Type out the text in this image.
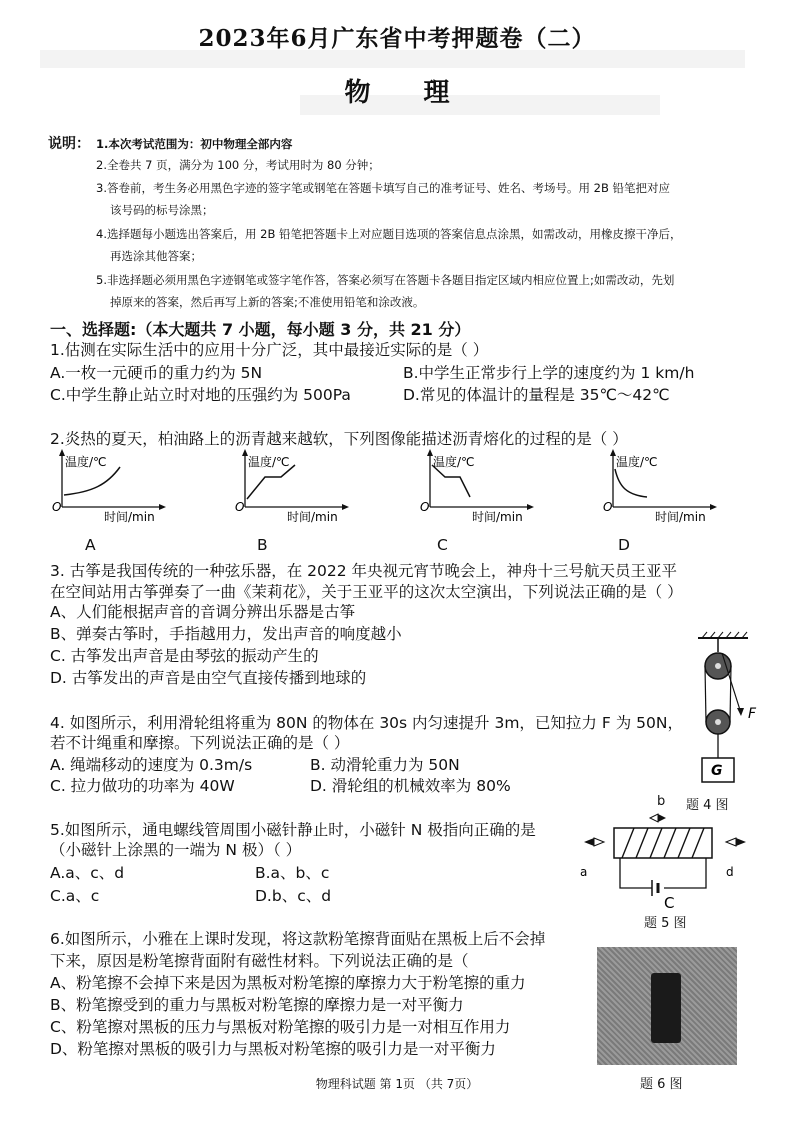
2023年6月广东省中考押题卷（二）
物 理
说明： 1.本次考试范围为：初中物理全部内容
2.全卷共 7 页，满分为 100 分，考试用时为 80 分钟；
3.答卷前，考生务必用黑色字迹的签字笔或钢笔在答题卡填写自己的准考证号、姓名、考场号。用 2B 铅笔把对应
该号码的标号涂黑；
4.选择题每小题选出答案后，用 2B 铅笔把答题卡上对应题目选项的答案信息点涂黑，如需改动，用橡皮擦干净后，
再选涂其他答案；
5.非选择题必须用黑色字迹钢笔或签字笔作答，答案必须写在答题卡各题目指定区域内相应位置上;如需改动，先划
掉原来的答案，然后再写上新的答案;不准使用铅笔和涂改液。
一、选择题:（本大题共 7 小题，每小题 3 分，共 21 分）
1.估测在实际生活中的应用十分广泛，其中最接近实际的是（ ）
A.一枚一元硬币的重力约为 5N	B.中学生正常步行上学的速度约为 1 km/h
C.中学生静止站立时对地的压强约为 500Pa	D.常见的体温计的量程是 35℃～42℃
2.炎热的夏天，柏油路上的沥青越来越软，下列图像能描述沥青熔化的过程的是（ ）
温度/℃
O
时间/min
温度/℃
O
时间/min
温度/℃
O
时间/min
温度/℃
O
时间/min
A	B	C	D
3. 古筝是我国传统的一种弦乐器，在 2022 年央视元宵节晚会上，神舟十三号航天员王亚平
在空间站用古筝弹奏了一曲《茉莉花》，关于王亚平的这次太空演出，下列说法正确的是（ ）
A、人们能根据声音的音调分辨出乐器是古筝
B、弹奏古筝时，手指越用力，发出声音的响度越小
C. 古筝发出声音是由琴弦的振动产生的
D. 古筝发出的声音是由空气直接传播到地球的
F
G
b 题 4 图
4. 如图所示，利用滑轮组将重为 80N 的物体在 30s 内匀速提升 3m，已知拉力 F 为 50N，
若不计绳重和摩擦。下列说法正确的是（ ）
A. 绳端移动的速度为 0.3m/s	B. 动滑轮重力为 50N
C. 拉力做功的功率为 40W	D. 滑轮组的机械效率为 80%
5.如图所示，通电螺线管周围小磁针静止时，小磁针 N 极指向正确的是
（小磁针上涂黑的一端为 N 极）（ ）
A.a、c、d	B.a、b、c
C.a、c	D.b、c、d
a	d
C
题 5 图
6.如图所示，小雅在上课时发现，将这款粉笔擦背面贴在黑板上后不会掉
下来，原因是粉笔擦背面附有磁性材料。下列说法正确的是（
A、粉笔擦不会掉下来是因为黑板对粉笔擦的摩擦力大于粉笔擦的重力
B、粉笔擦受到的重力与黑板对粉笔擦的摩擦力是一对平衡力
C、粉笔擦对黑板的压力与黑板对粉笔擦的吸引力是一对相互作用力
D、粉笔擦对黑板的吸引力与黑板对粉笔擦的吸引力是一对平衡力
题 6 图
物理科试题 第 1页 （共 7页）
